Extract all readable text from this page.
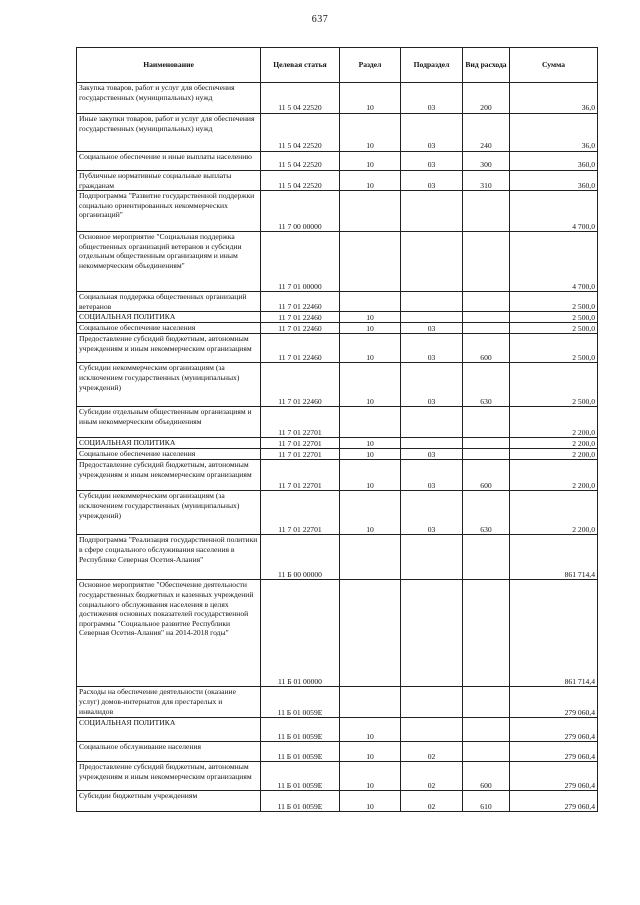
637
Наименование	Целевая статья	Раздел	Подраздел	Вид расхода	Сумма
Закупка товаров, работ и услуг для обеспечения государственных (муниципальных) нужд	11 5 04 22520	10	03	200	36,0
Иные закупки товаров, работ и услуг для обеспечения государственных (муниципальных) нужд	11 5 04 22520	10	03	240	36,0
Социальное обеспечение и иные выплаты населению	11 5 04 22520	10	03	300	360,0
Публичные нормативные социальные выплаты гражданам	11 5 04 22520	10	03	310	360,0
Подпрограмма "Развитие государственной поддержки социально ориентированных некоммерческих организаций"	11 7 00 00000				4 700,0
Основное мероприятие "Социальная поддержка общественных организаций ветеранов и субсидии отдельным общественным организациям и иным некоммерческим объединениям"	11 7 01 00000				4 700,0
Социальная поддержка общественных организаций ветеранов	11 7 01 22460				2 500,0
СОЦИАЛЬНАЯ ПОЛИТИКА	11 7 01 22460	10			2 500,0
Социальное обеспечение населения	11 7 01 22460	10	03		2 500,0
Предоставление субсидий бюджетным, автономным учреждениям и иным некоммерческим организациям	11 7 01 22460	10	03	600	2 500,0
Субсидии некоммерческим организациям (за исключением государственных (муниципальных) учреждений)	11 7 01 22460	10	03	630	2 500,0
Субсидии отдельным общественным организациям и иным некоммерческим объединениям	11 7 01 22701				2 200,0
СОЦИАЛЬНАЯ ПОЛИТИКА	11 7 01 22701	10			2 200,0
Социальное обеспечение населения	11 7 01 22701	10	03		2 200,0
Предоставление субсидий бюджетным, автономным учреждениям и иным некоммерческим организациям	11 7 01 22701	10	03	600	2 200,0
Субсидии некоммерческим организациям (за исключением государственных (муниципальных) учреждений)	11 7 01 22701	10	03	630	2 200,0
Подпрограмма "Реализация государственной политики в сфере социального обслуживания населения в Республике Северная Осетия-Алания"	11 Б 00 00000				861 714,4
Основное мероприятие "Обеспечение деятельности государственных бюджетных и казенных учреждений социального обслуживания населения в целях достижения основных показателей государственной программы "Социальное развитие Республики Северная Осетия-Алания" на 2014-2018 годы"	11 Б 01 00000				861 714,4
Расходы на обеспечение деятельности (оказание услуг) домов-интернатов для престарелых и инвалидов	11 Б 01 0059Е				279 060,4
СОЦИАЛЬНАЯ ПОЛИТИКА	11 Б 01 0059Е	10			279 060,4
Социальное обслуживание населения	11 Б 01 0059Е	10	02		279 060,4
Предоставление субсидий бюджетным, автономным учреждениям и иным некоммерческим организациям	11 Б 01 0059Е	10	02	600	279 060,4
Субсидии бюджетным учреждениям	11 Б 01 0059Е	10	02	610	279 060,4
